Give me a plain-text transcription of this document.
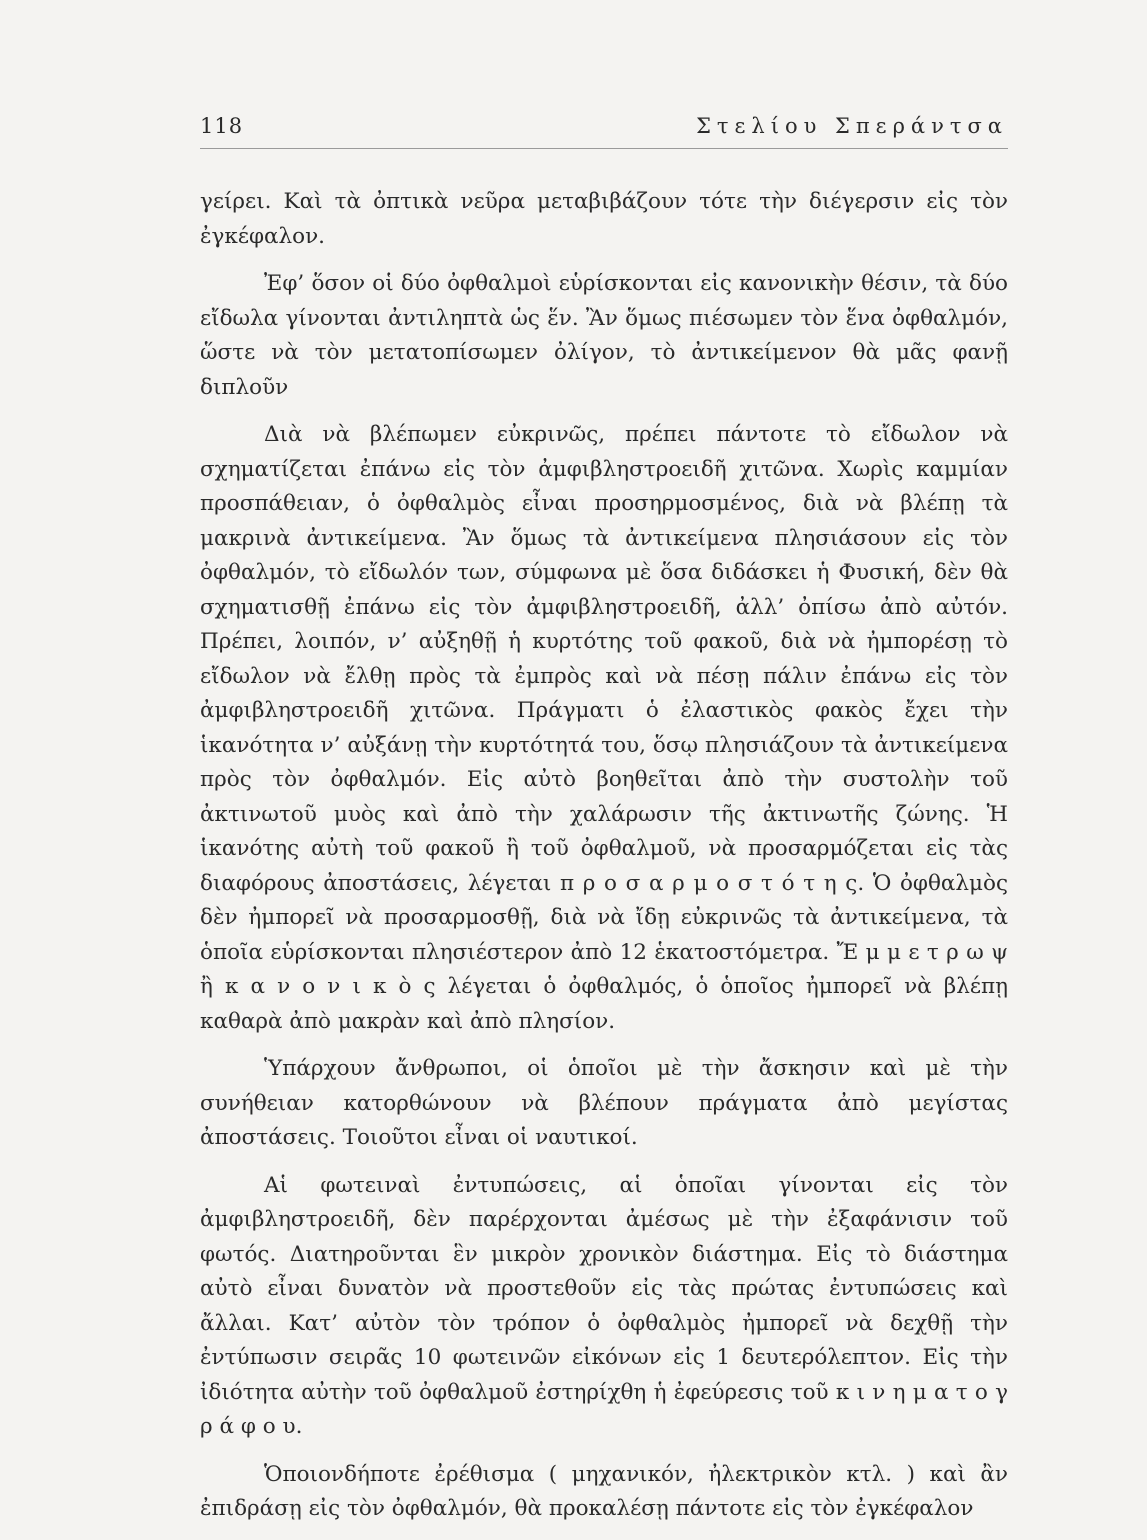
118	Στελίου Σπεράντσα

γείρει. Καὶ τὰ ὀπτικὰ νεῦρα μεταβιβάζουν τότε τὴν διέγερσιν εἰς τὸν ἐγκέφαλον.

Ἐφ’ ὅσον οἱ δύο ὀφθαλμοὶ εὑρίσκονται εἰς κανονικὴν θέσιν, τὰ δύο εἴδωλα γίνονται ἀντιληπτὰ ὡς ἕν. Ἂν ὅμως πιέσωμεν τὸν ἕνα ὀφθαλμόν, ὥστε νὰ τὸν μετατοπίσωμεν ὀλίγον, τὸ ἀντικείμενον θὰ μᾶς φανῇ διπλοῦν

Διὰ νὰ βλέπωμεν εὐκρινῶς, πρέπει πάντοτε τὸ εἴδωλον νὰ σχηματίζεται ἐπάνω εἰς τὸν ἀμφιβληστροειδῆ χιτῶνα. Χωρὶς καμμίαν προσπάθειαν, ὁ ὀφθαλμὸς εἶναι προσηρμοσμένος, διὰ νὰ βλέπῃ τὰ μακρινὰ ἀντικείμενα. Ἂν ὅμως τὰ ἀντικείμενα πλησιάσουν εἰς τὸν ὀφθαλμόν, τὸ εἴδωλόν των, σύμφωνα μὲ ὅσα διδάσκει ἡ Φυσική, δὲν θὰ σχηματισθῇ ἐπάνω εἰς τὸν ἀμφιβληστροειδῆ, ἀλλ’ ὀπίσω ἀπὸ αὐτόν. Πρέπει, λοιπόν, ν’ αὐξηθῇ ἡ κυρτότης τοῦ φακοῦ, διὰ νὰ ἠμπορέσῃ τὸ εἴδωλον νὰ ἔλθῃ πρὸς τὰ ἐμπρὸς καὶ νὰ πέσῃ πάλιν ἐπάνω εἰς τὸν ἀμφιβληστροειδῆ χιτῶνα. Πράγματι ὁ ἐλαστικὸς φακὸς ἔχει τὴν ἱκανότητα ν’ αὐξάνῃ τὴν κυρτότητά του, ὅσῳ πλησιάζουν τὰ ἀντικείμενα πρὸς τὸν ὀφθαλμόν. Εἰς αὐτὸ βοηθεῖται ἀπὸ τὴν συστολὴν τοῦ ἀκτινωτοῦ μυὸς καὶ ἀπὸ τὴν χαλάρωσιν τῆς ἀκτινωτῆς ζώνης. Ἡ ἱκανότης αὐτὴ τοῦ φακοῦ ἢ τοῦ ὀφθαλμοῦ, νὰ προσαρμόζεται εἰς τὰς διαφόρους ἀποστάσεις, λέγεται π ρ ο σ α ρ μ ο σ τ ό τ η ς. Ὁ ὀφθαλμὸς δὲν ἠμπορεῖ νὰ προσαρμοσθῇ, διὰ νὰ ἴδῃ εὐκρινῶς τὰ ἀντικείμενα, τὰ ὁποῖα εὑρίσκονται πλησιέστερον ἀπὸ 12 ἑκατοστόμετρα. Ἔ μ μ ε τ ρ ω ψ ἢ κ α ν ο ν ι κ ὸ ς λέγεται ὁ ὀφθαλμός, ὁ ὁποῖος ἠμπορεῖ νὰ βλέπῃ καθαρὰ ἀπὸ μακρὰν καὶ ἀπὸ πλησίον.

Ὑπάρχουν ἄνθρωποι, οἱ ὁποῖοι μὲ τὴν ἄσκησιν καὶ μὲ τὴν συνήθειαν κατορθώνουν νὰ βλέπουν πράγματα ἀπὸ μεγίστας ἀποστάσεις. Τοιοῦτοι εἶναι οἱ ναυτικοί.

Αἱ φωτειναὶ ἐντυπώσεις, αἱ ὁποῖαι γίνονται εἰς τὸν ἀμφιβληστροειδῆ, δὲν παρέρχονται ἀμέσως μὲ τὴν ἐξαφάνισιν τοῦ φωτός. Διατηροῦνται ἓν μικρὸν χρονικὸν διάστημα. Εἰς τὸ διάστημα αὐτὸ εἶναι δυνατὸν νὰ προστεθοῦν εἰς τὰς πρώτας ἐντυπώσεις καὶ ἄλλαι. Κατ’ αὐτὸν τὸν τρόπον ὁ ὀφθαλμὸς ἠμπορεῖ νὰ δεχθῇ τὴν ἐντύπωσιν σειρᾶς 10 φωτεινῶν εἰκόνων εἰς 1 δευτερόλεπτον. Εἰς τὴν ἰδιότητα αὐτὴν τοῦ ὀφθαλμοῦ ἐστηρίχθη ἡ ἐφεύρεσις τοῦ κ ι ν η μ α τ ο γ ρ ά φ ο υ.

Ὁποιονδήποτε ἐρέθισμα ( μηχανικόν, ἠλεκτρικὸν κτλ. ) καὶ ἂν ἐπιδράσῃ εἰς τὸν ὀφθαλμόν, θὰ προκαλέσῃ πάντοτε εἰς τὸν ἐγκέφαλον
